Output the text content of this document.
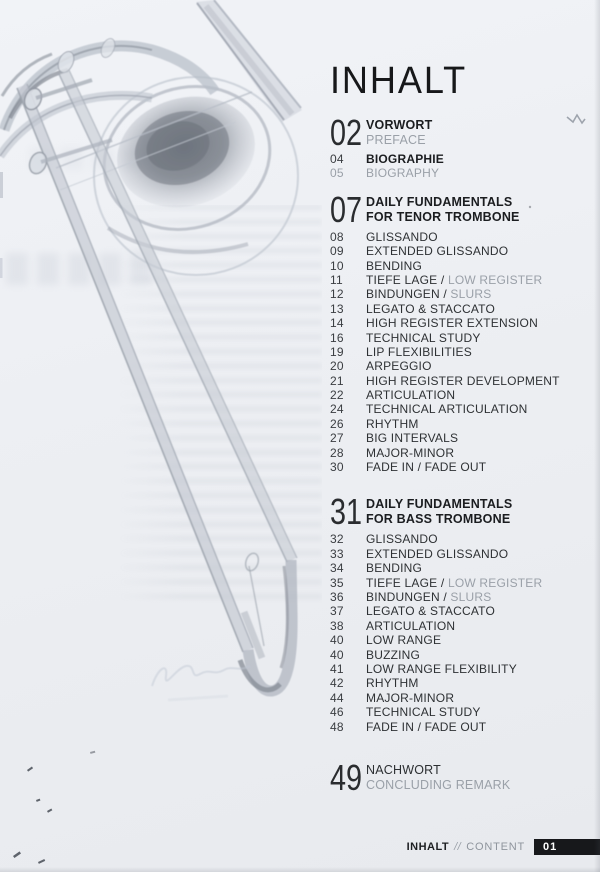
INHALT
02 VORWORT
PREFACE
04	BIOGRAPHIE
05	BIOGRAPHY
07 DAILY FUNDAMENTALS
FOR TENOR TROMBONE
08	GLISSANDO
09	EXTENDED GLISSANDO
10	BENDING
11	TIEFE LAGE / LOW REGISTER
12	BINDUNGEN / SLURS
13	LEGATO & STACCATO
14	HIGH REGISTER EXTENSION
16	TECHNICAL STUDY
19	LIP FLEXIBILITIES
20	ARPEGGIO
21	HIGH REGISTER DEVELOPMENT
22	ARTICULATION
24	TECHNICAL ARTICULATION
26	RHYTHM
27	BIG INTERVALS
28	MAJOR-MINOR
30	FADE IN / FADE OUT
31 DAILY FUNDAMENTALS
FOR BASS TROMBONE
32	GLISSANDO
33	EXTENDED GLISSANDO
34	BENDING
35	TIEFE LAGE / LOW REGISTER
36	BINDUNGEN / SLURS
37	LEGATO & STACCATO
38	ARTICULATION
40	LOW RANGE
40	BUZZING
41	LOW RANGE FLEXIBILITY
42	RHYTHM
44	MAJOR-MINOR
46	TECHNICAL STUDY
48	FADE IN / FADE OUT
49 NACHWORT
CONCLUDING REMARK
INHALT // CONTENT 01
